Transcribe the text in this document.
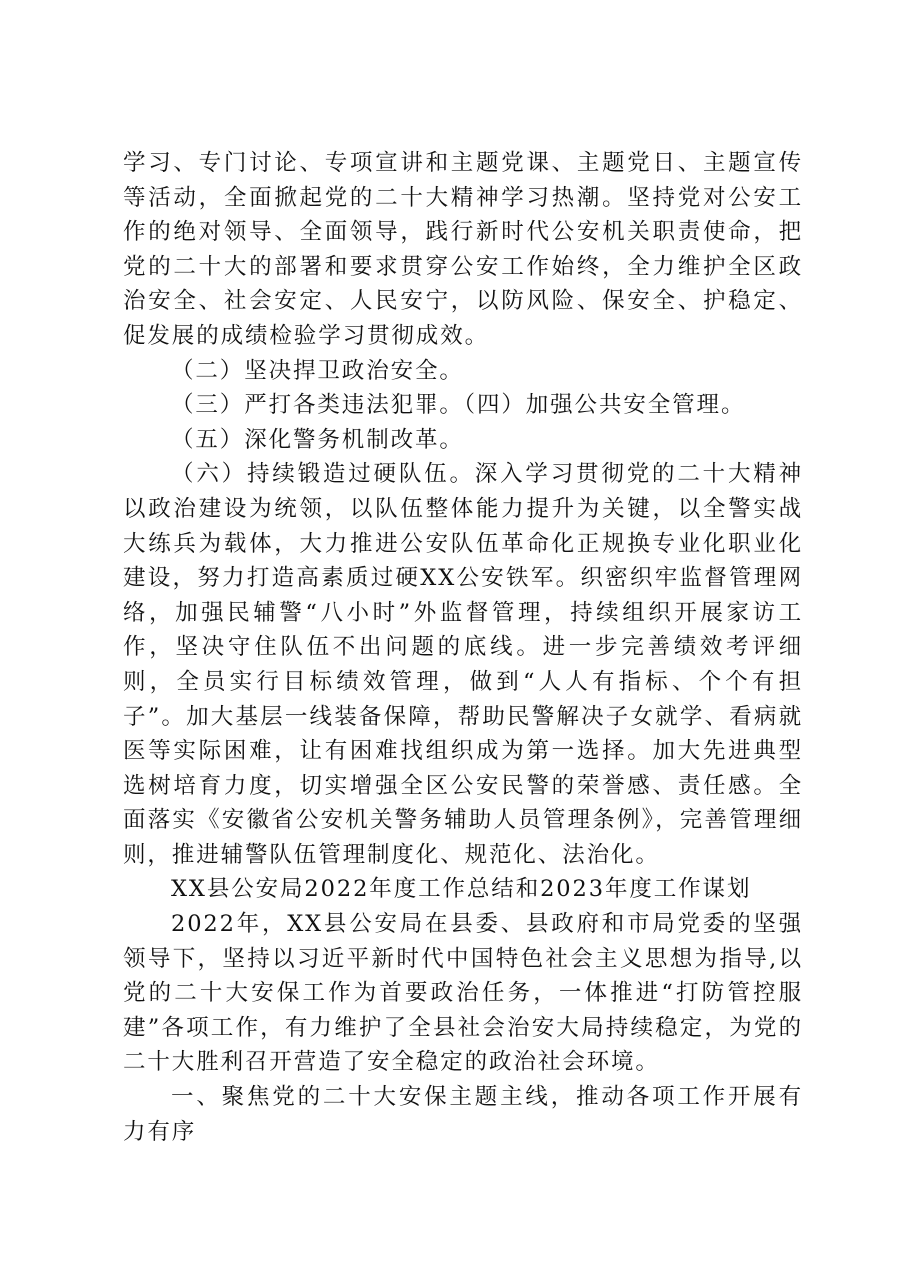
学习、专门讨论、专项宣讲和主题党课、主题党日、主题宣传等活动，全面掀起党的二十大精神学习热潮。坚持党对公安工作的绝对领导、全面领导，践行新时代公安机关职责使命，把党的二十大的部署和要求贯穿公安工作始终，全力维护全区政治安全、社会安定、人民安宁，以防风险、保安全、护稳定、促发展的成绩检验学习贯彻成效。

（二）坚决捍卫政治安全。

（三）严打各类违法犯罪。（四）加强公共安全管理。

（五）深化警务机制改革。

（六）持续锻造过硬队伍。深入学习贯彻党的二十大精神以政治建设为统领，以队伍整体能力提升为关键，以全警实战大练兵为载体，大力推进公安队伍革命化正规换专业化职业化建设，努力打造高素质过硬XX公安铁军。织密织牢监督管理网络，加强民辅警“八小时”外监督管理，持续组织开展家访工作，坚决守住队伍不出问题的底线。进一步完善绩效考评细则，全员实行目标绩效管理，做到“人人有指标、个个有担子”。加大基层一线装备保障，帮助民警解决子女就学、看病就医等实际困难，让有困难找组织成为第一选择。加大先进典型选树培育力度，切实增强全区公安民警的荣誉感、责任感。全面落实《安徽省公安机关警务辅助人员管理条例》，完善管理细则，推进辅警队伍管理制度化、规范化、法治化。

XX县公安局2022年度工作总结和2023年度工作谋划

2022年，XX县公安局在县委、县政府和市局党委的坚强领导下，坚持以习近平新时代中国特色社会主义思想为指导,以党的二十大安保工作为首要政治任务，一体推进“打防管控服建”各项工作，有力维护了全县社会治安大局持续稳定，为党的二十大胜利召开营造了安全稳定的政治社会环境。

一、聚焦党的二十大安保主题主线，推动各项工作开展有力有序
